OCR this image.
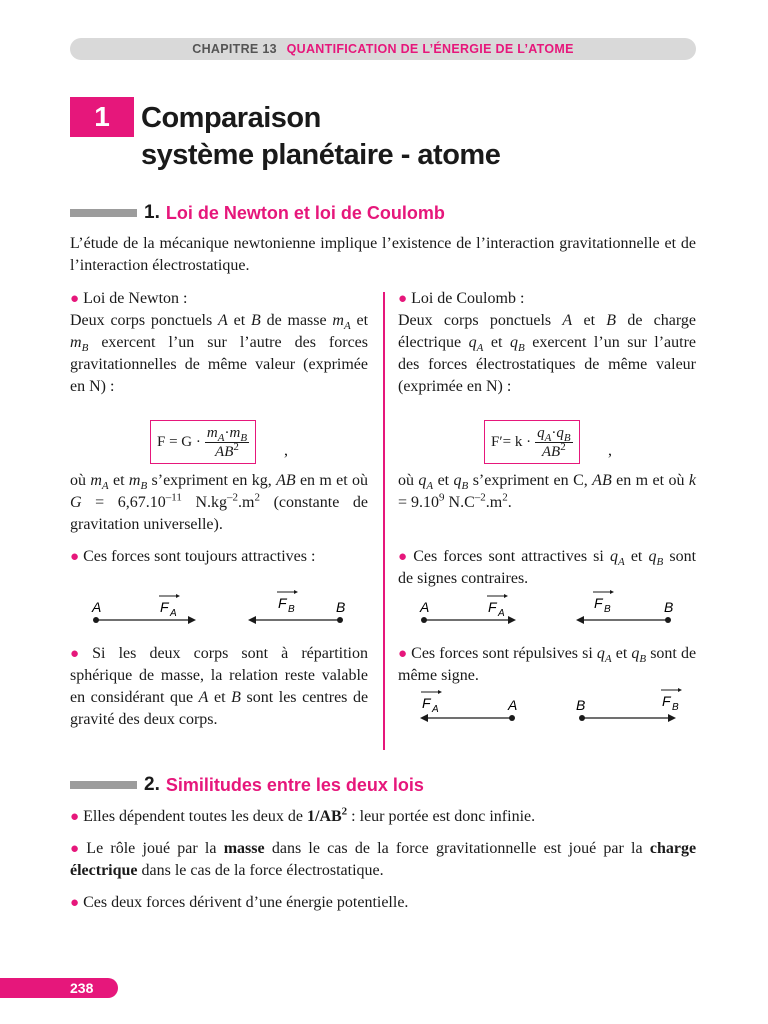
CHAPITRE 13 QUANTIFICATION DE L’ÉNERGIE DE L’ATOME
1	Comparaison
système planétaire - atome
1. Loi de Newton et loi de Coulomb
L’étude de la mécanique newtonienne implique l’existence de l’interaction gravitationnelle et de l’interaction électrostatique.
● Loi de Newton :
Deux corps ponctuels A et B de masse $m_A$ et $m_B$ exercent l’un sur l’autre des forces gravitationnelles de même valeur (exprimée en N) :
$F = G \cdot \frac{m_A\cdot m_B}{AB^2}$ ,
où $m_A$ et $m_B$ s’expriment en kg, AB en m et où $G = 6,67.10^{-11}$ $N.kg^{-2}.m^2$ (constante de gravitation universelle).
● Ces forces sont toujours attractives :
A	F A	B
F B
● Si les deux corps sont à répartition sphérique de masse, la relation reste valable en considérant que A et B sont les centres de gravité des deux corps.
● Loi de Coulomb :
Deux corps ponctuels A et B de charge électrique $q_A$ et $q_B$ exercent l’un sur l’autre des forces électrostatiques de même valeur (exprimée en N) :
$F'= k \cdot \frac{q_A\cdot q_B}{AB^2}$ ,
où $q_A$ et $q_B$ s’expriment en C, AB en m et où $k = 9.10^9$ $N.C^{-2}.m^2$.
● Ces forces sont attractives si $q_A$ et $q_B$ sont de signes contraires.
A	F A	B
F B
● Ces forces sont répulsives si $q_A$ et $q_B$ sont de même signe.
A
F A	B	F B
2. Similitudes entre les deux lois
● Elles dépendent toutes les deux de $1/AB^2$ : leur portée est donc infinie.
● Le rôle joué par la masse dans le cas de la force gravitationnelle est joué par la charge électrique dans le cas de la force électrostatique.
● Ces deux forces dérivent d’une énergie potentielle.
238
